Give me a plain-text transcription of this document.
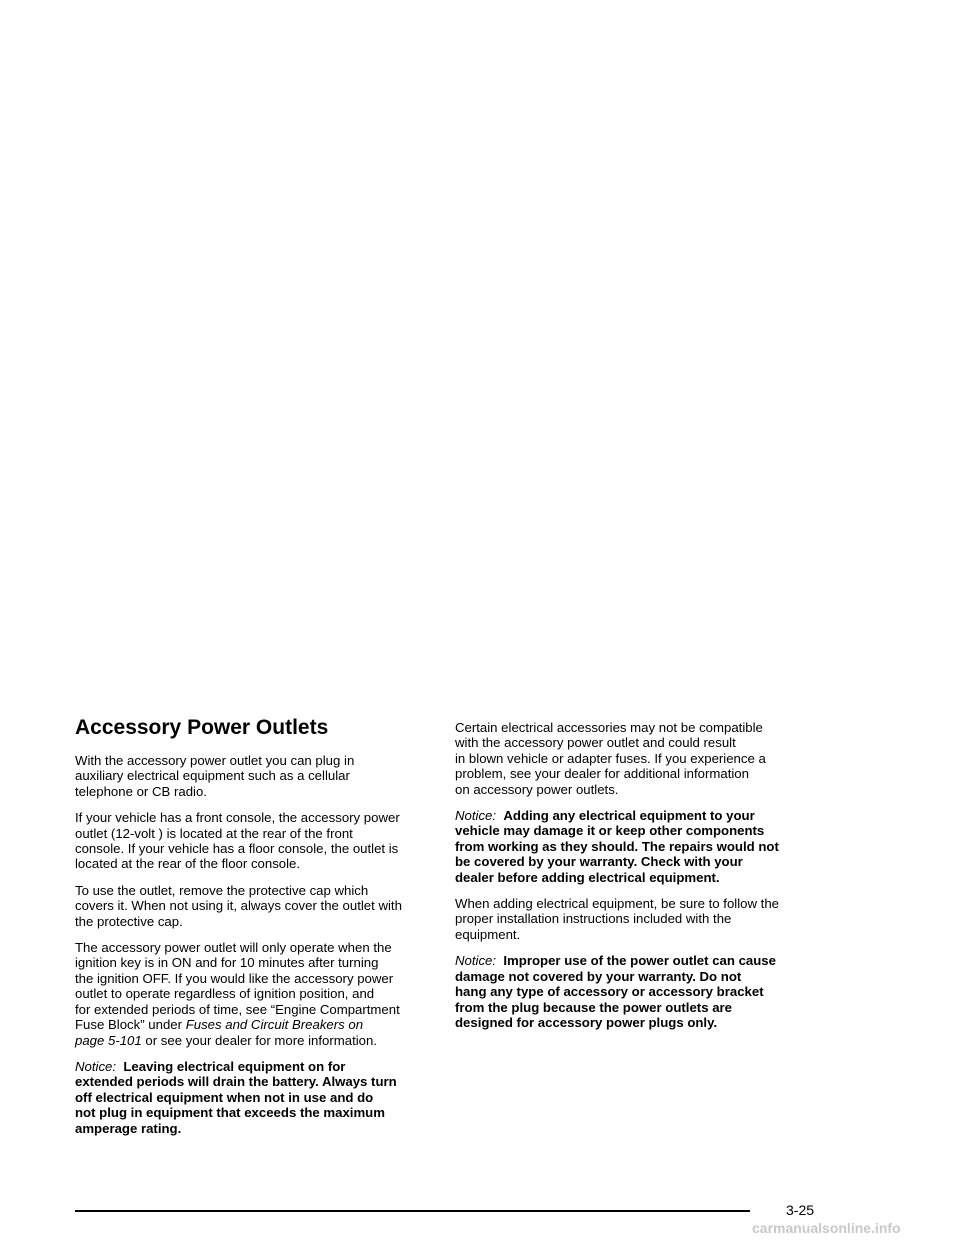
Accessory Power Outlets

With the accessory power outlet you can plug in
auxiliary electrical equipment such as a cellular
telephone or CB radio.

If your vehicle has a front console, the accessory power
outlet (12-volt ) is located at the rear of the front
console. If your vehicle has a floor console, the outlet is
located at the rear of the floor console.

To use the outlet, remove the protective cap which
covers it. When not using it, always cover the outlet with
the protective cap.

The accessory power outlet will only operate when the
ignition key is in ON and for 10 minutes after turning
the ignition OFF. If you would like the accessory power
outlet to operate regardless of ignition position, and
for extended periods of time, see “Engine Compartment
Fuse Block” under Fuses and Circuit Breakers on
page 5-101 or see your dealer for more information.

Notice: Leaving electrical equipment on for
extended periods will drain the battery. Always turn
off electrical equipment when not in use and do
not plug in equipment that exceeds the maximum
amperage rating.

Certain electrical accessories may not be compatible
with the accessory power outlet and could result
in blown vehicle or adapter fuses. If you experience a
problem, see your dealer for additional information
on accessory power outlets.

Notice: Adding any electrical equipment to your
vehicle may damage it or keep other components
from working as they should. The repairs would not
be covered by your warranty. Check with your
dealer before adding electrical equipment.

When adding electrical equipment, be sure to follow the
proper installation instructions included with the
equipment.

Notice: Improper use of the power outlet can cause
damage not covered by your warranty. Do not
hang any type of accessory or accessory bracket
from the plug because the power outlets are
designed for accessory power plugs only.

3-25
carmanualsonline.info
